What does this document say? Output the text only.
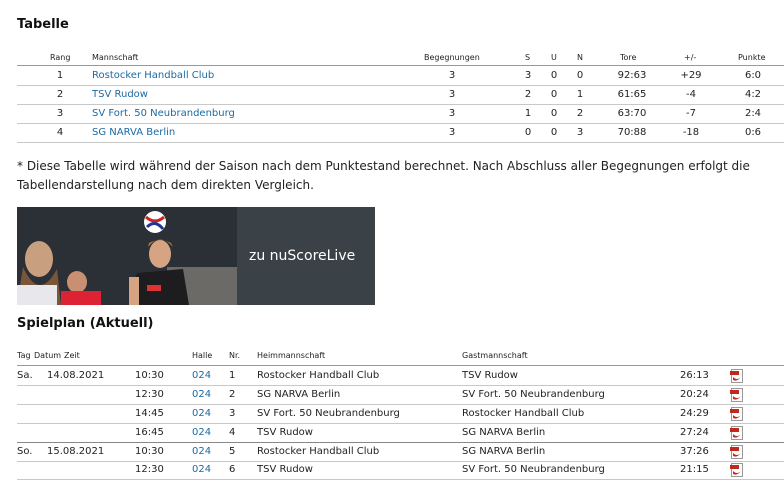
Tabelle
Rang	Mannschaft	Begegnungen	S	U	N	Tore	+/-	Punkte
1	Rostocker Handball Club	3	3	0	0	92:63	+29	6:0
2	TSV Rudow	3	2	0	1	61:65	-4	4:2
3	SV Fort. 50 Neubrandenburg	3	1	0	2	63:70	-7	2:4
4	SG NARVA Berlin	3	0	0	3	70:88	-18	0:6
* Diese Tabelle wird während der Saison nach dem Punktestand berechnet. Nach Abschluss aller Begegnungen erfolgt die Tabellendarstellung nach dem direkten Vergleich.
zu nuScoreLive
Spielplan (Aktuell)
Tag Datum Zeit	Halle Nr. Heimmannschaft	Gastmannschaft
Sa. 14.08.2021	10:30	024 1 Rostocker Handball Club	TSV Rudow	26:13
12:30	024 2 SG NARVA Berlin	SV Fort. 50 Neubrandenburg	20:24
14:45	024 3 SV Fort. 50 Neubrandenburg	Rostocker Handball Club	24:29
16:45	024 4 TSV Rudow	SG NARVA Berlin	27:24
So. 15.08.2021	10:30	024 5 Rostocker Handball Club	SG NARVA Berlin	37:26
12:30	024 6 TSV Rudow	SV Fort. 50 Neubrandenburg	21:15
